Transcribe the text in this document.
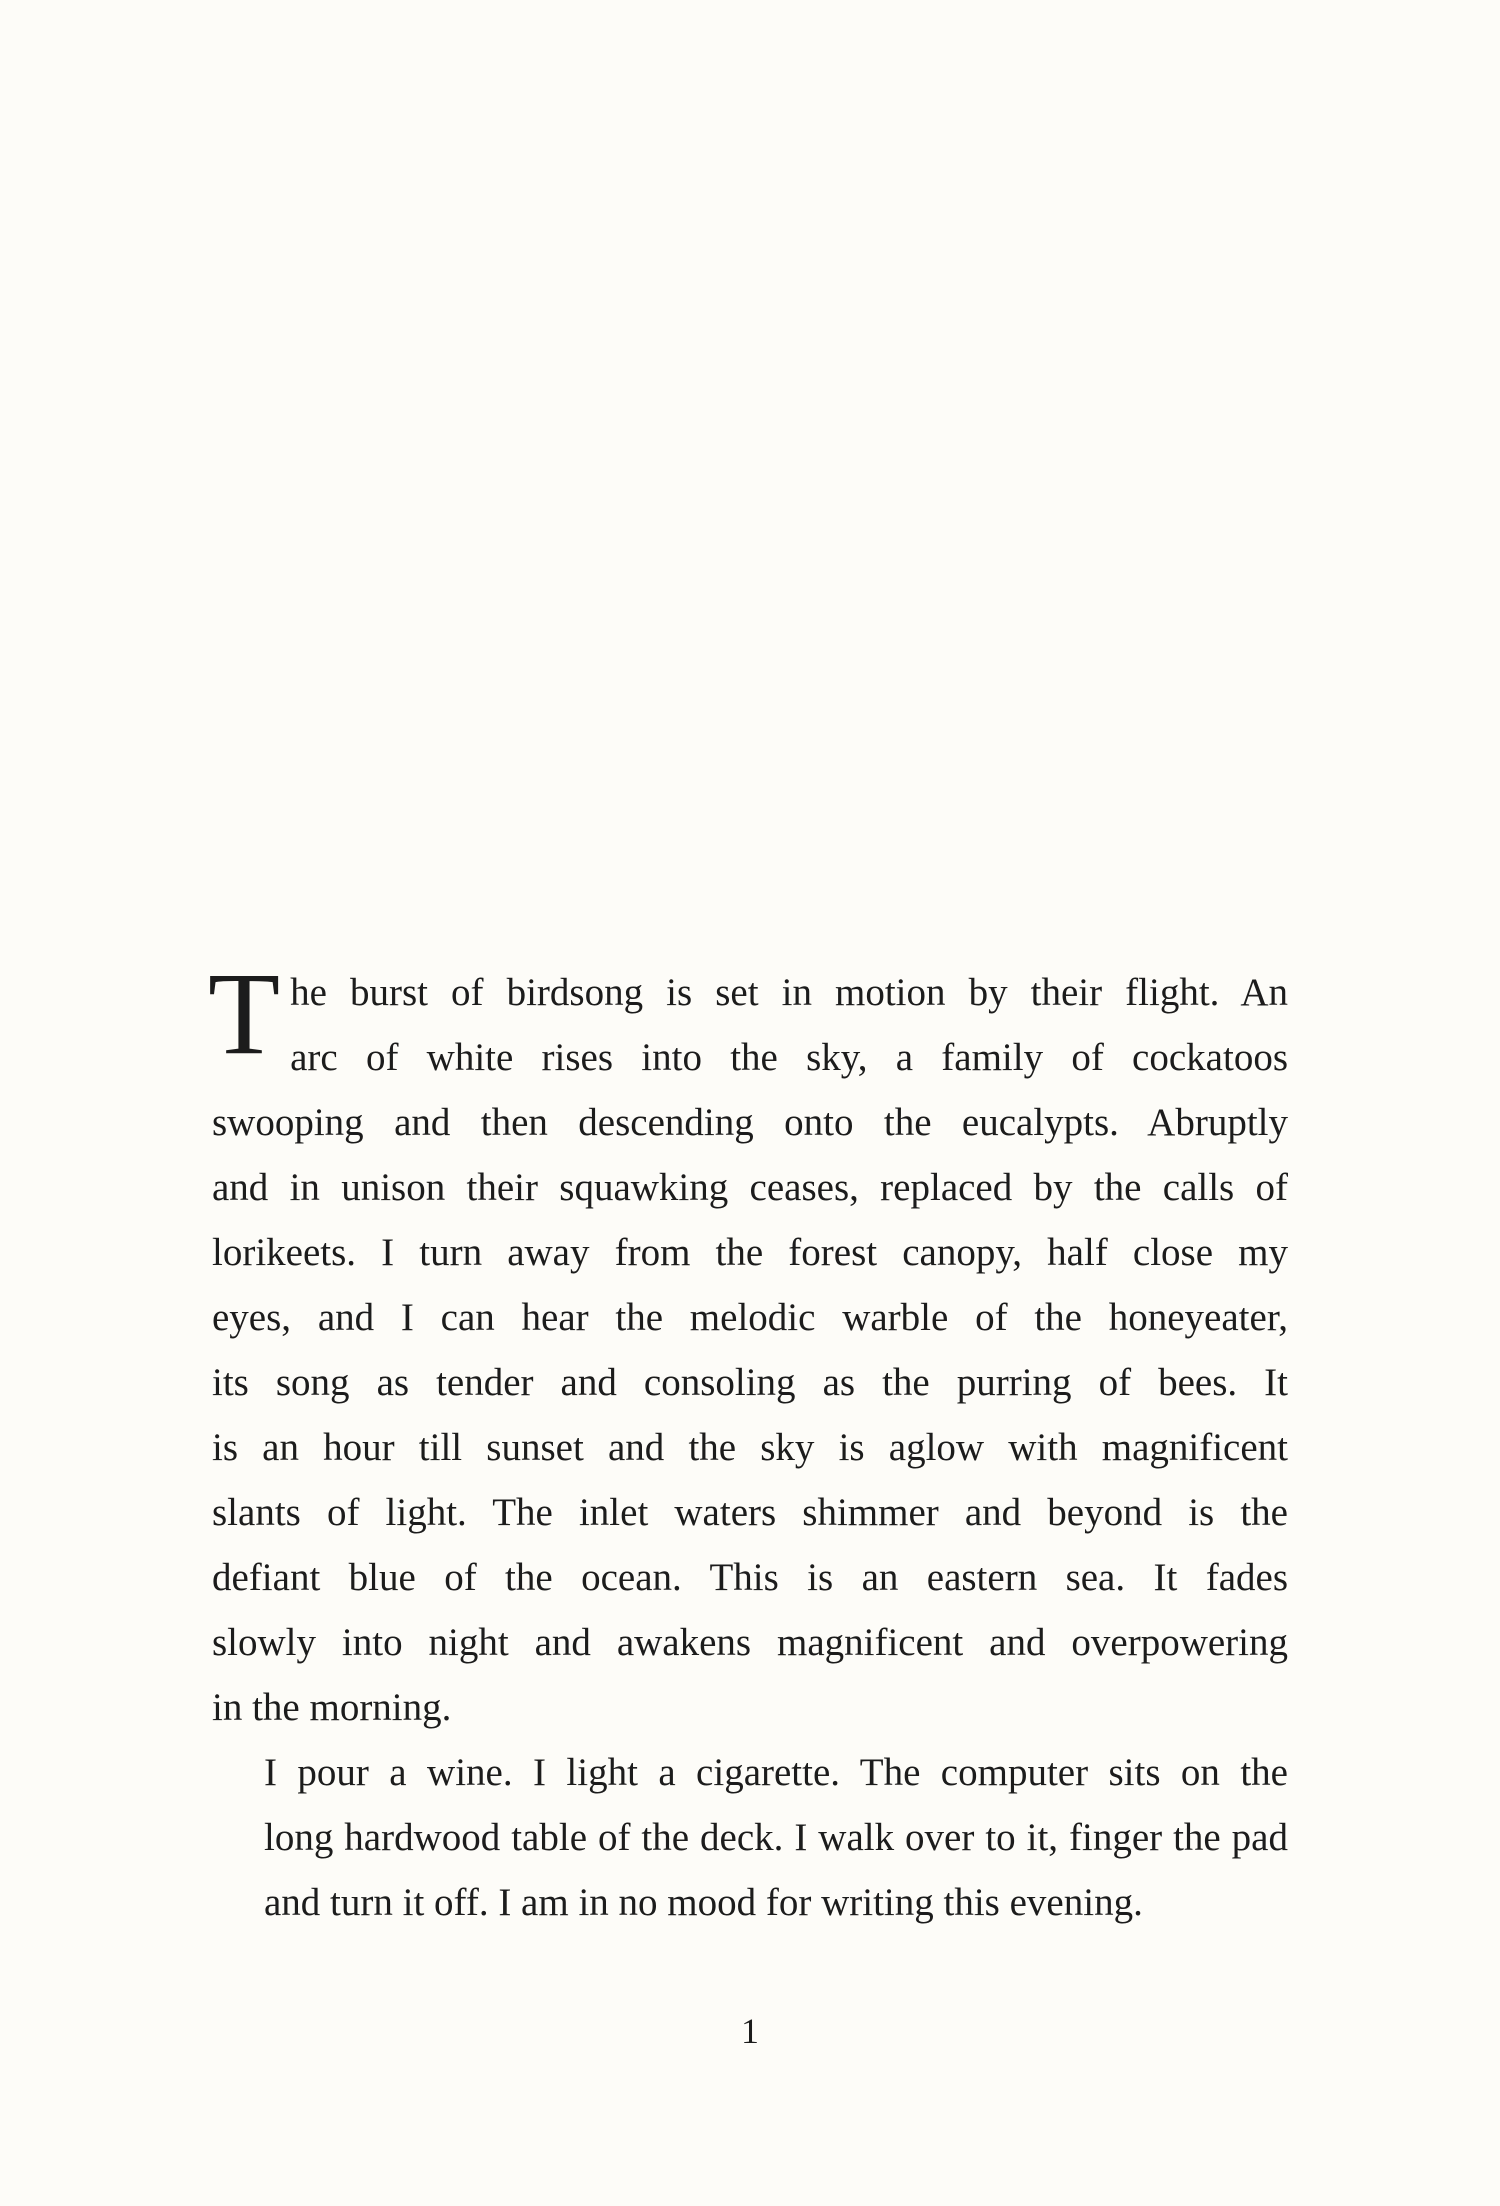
T he burst of birdsong is set in motion by their flight. An
arc of white rises into the sky, a family of cockatoos
swooping and then descending onto the eucalypts. Abruptly
and in unison their squawking ceases, replaced by the calls of
lorikeets. I turn away from the forest canopy, half close my
eyes, and I can hear the melodic warble of the honeyeater,
its song as tender and consoling as the purring of bees. It
is an hour till sunset and the sky is aglow with magnificent
slants of light. The inlet waters shimmer and beyond is the
defiant blue of the ocean. This is an eastern sea. It fades
slowly into night and awakens magnificent and overpowering
in the morning.
I pour a wine. I light a cigarette. The computer sits on the
long hardwood table of the deck. I walk over to it, finger the pad
and turn it off. I am in no mood for writing this evening.
1
